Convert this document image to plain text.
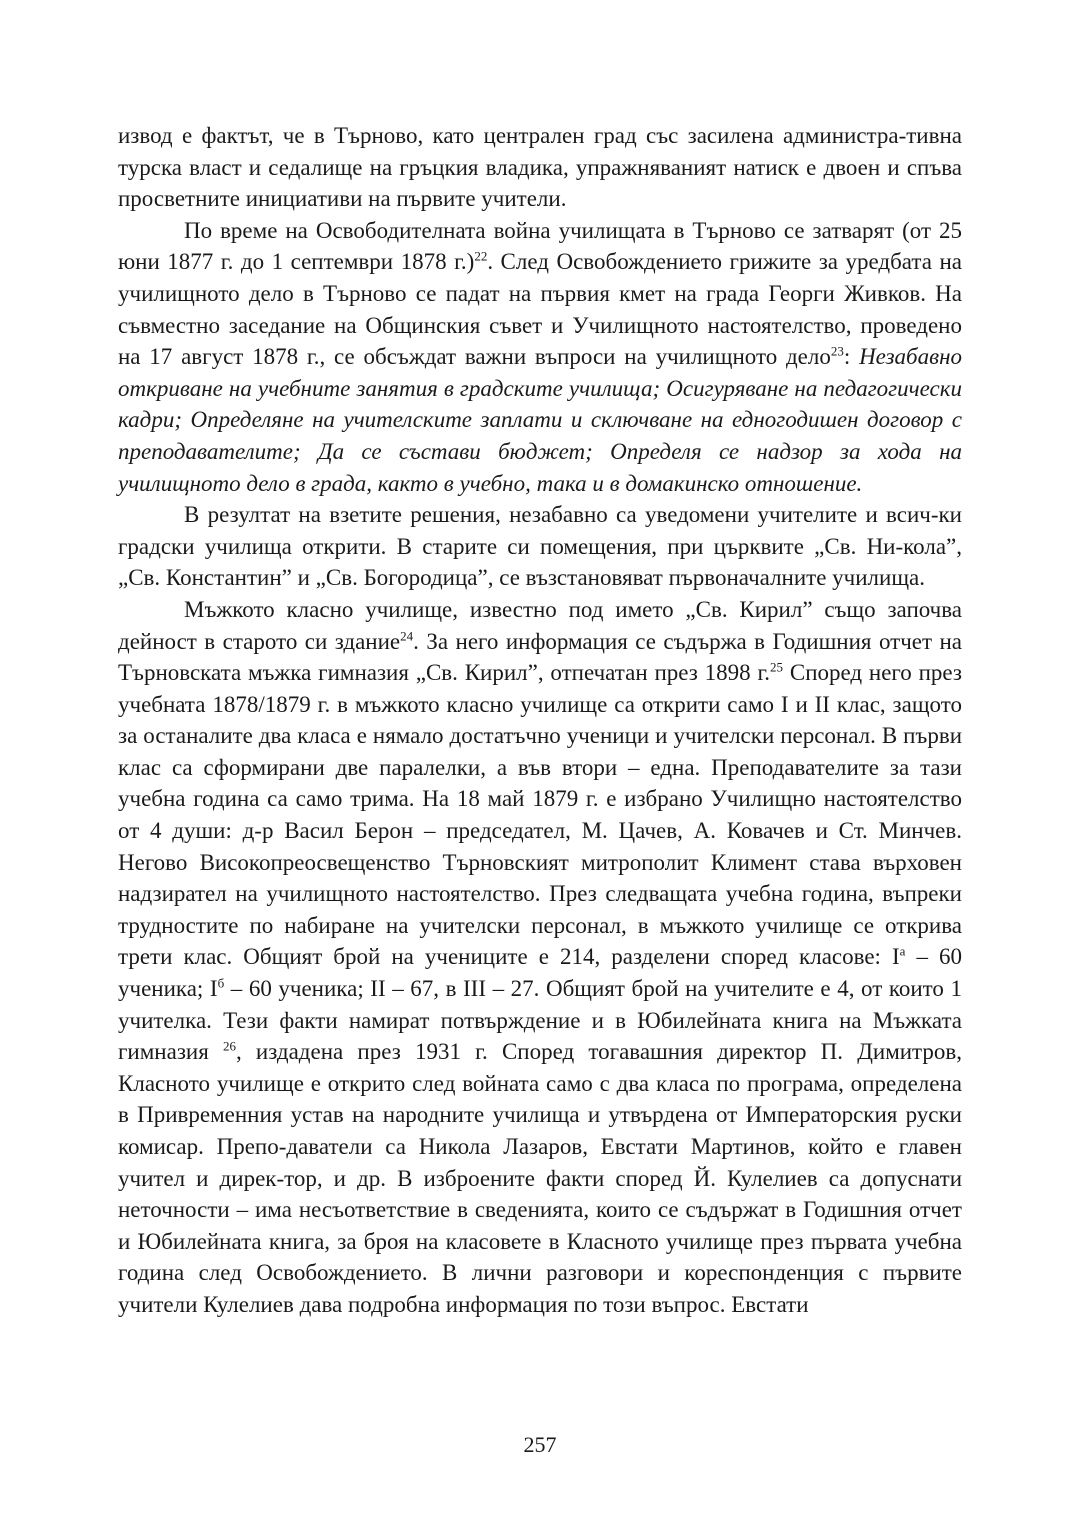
извод е фактът, че в Търново, като централен град със засилена администра-тивна турска власт и седалище на гръцкия владика, упражняваният натиск е двоен и спъва просветните инициативи на първите учители.

По време на Освободителната война училищата в Търново се затварят (от 25 юни 1877 г. до 1 септември 1878 г.)$^{22}$. След Освобождението грижите за уредбата на училищното дело в Търново се падат на първия кмет на града Георги Живков. На съвместно заседание на Общинския съвет и Училищното настоятелство, проведено на 17 август 1878 г., се обсъждат важни въпроси на училищното дело$^{23}$: Незабавно откриване на учебните занятия в градските училища; Осигуряване на педагогически кадри; Определяне на учителските заплати и сключване на едногодишен договор с преподавателите; Да се състави бюджет; Определя се надзор за хода на училищното дело в града, както в учебно, така и в домакинско отношение.

В резултат на взетите решения, незабавно са уведомени учителите и всич-ки градски училища открити. В старите си помещения, при църквите „Св. Ни-кола”, „Св. Константин” и „Св. Богородица”, се възстановяват първоначалните училища.

Мъжкото класно училище, известно под името „Св. Кирил” също започва дейност в старото си здание$^{24}$. За него информация се съдържа в Годишния отчет на Търновската мъжка гимназия „Св. Кирил”, отпечатан през 1898 г.$^{25}$ Според него през учебната 1878/1879 г. в мъжкото класно училище са открити само I и II клас, защото за останалите два класа е нямало достатъчно ученици и учителски персонал. В първи клас са сформирани две паралелки, а във втори – една. Преподавателите за тази учебна година са само трима. На 18 май 1879 г. е избрано Училищно настоятелство от 4 души: д-р Васил Берон – председател, М. Цачев, А. Ковачев и Ст. Минчев. Негово Високопреосвещенство Търновският митрополит Климент става върховен надзирател на училищното настоятелство. През следващата учебна година, въпреки трудностите по набиране на учителски персонал, в мъжкото училище се открива трети клас. Общият брой на учениците е 214, разделени според класове: $I^а - 60$ ученика; $I^б - 60$ ученика; II – 67, в III – 27. Общият брой на учителите е 4, от които 1 учителка. Тези факти намират потвърждение и в Юбилейната книга на Мъжката гимназия $^{26}$, издадена през 1931 г. Според тогавашния директор П. Димитров, Класното училище е открито след войната само с два класа по програма, определена в Привременния устав на народните училища и утвърдена от Императорския руски комисар. Препо-даватели са Никола Лазаров, Евстати Мартинов, който е главен учител и дирек-тор, и др. В изброените факти според Й. Кулелиев са допуснати неточности – има несъответствие в сведенията, които се съдържат в Годишния отчет и Юбилейната книга, за броя на класовете в Класното училище през първата учебна година след Освобождението. В лични разговори и кореспонденция с първите учители Кулелиев дава подробна информация по този въпрос. Евстати

257
